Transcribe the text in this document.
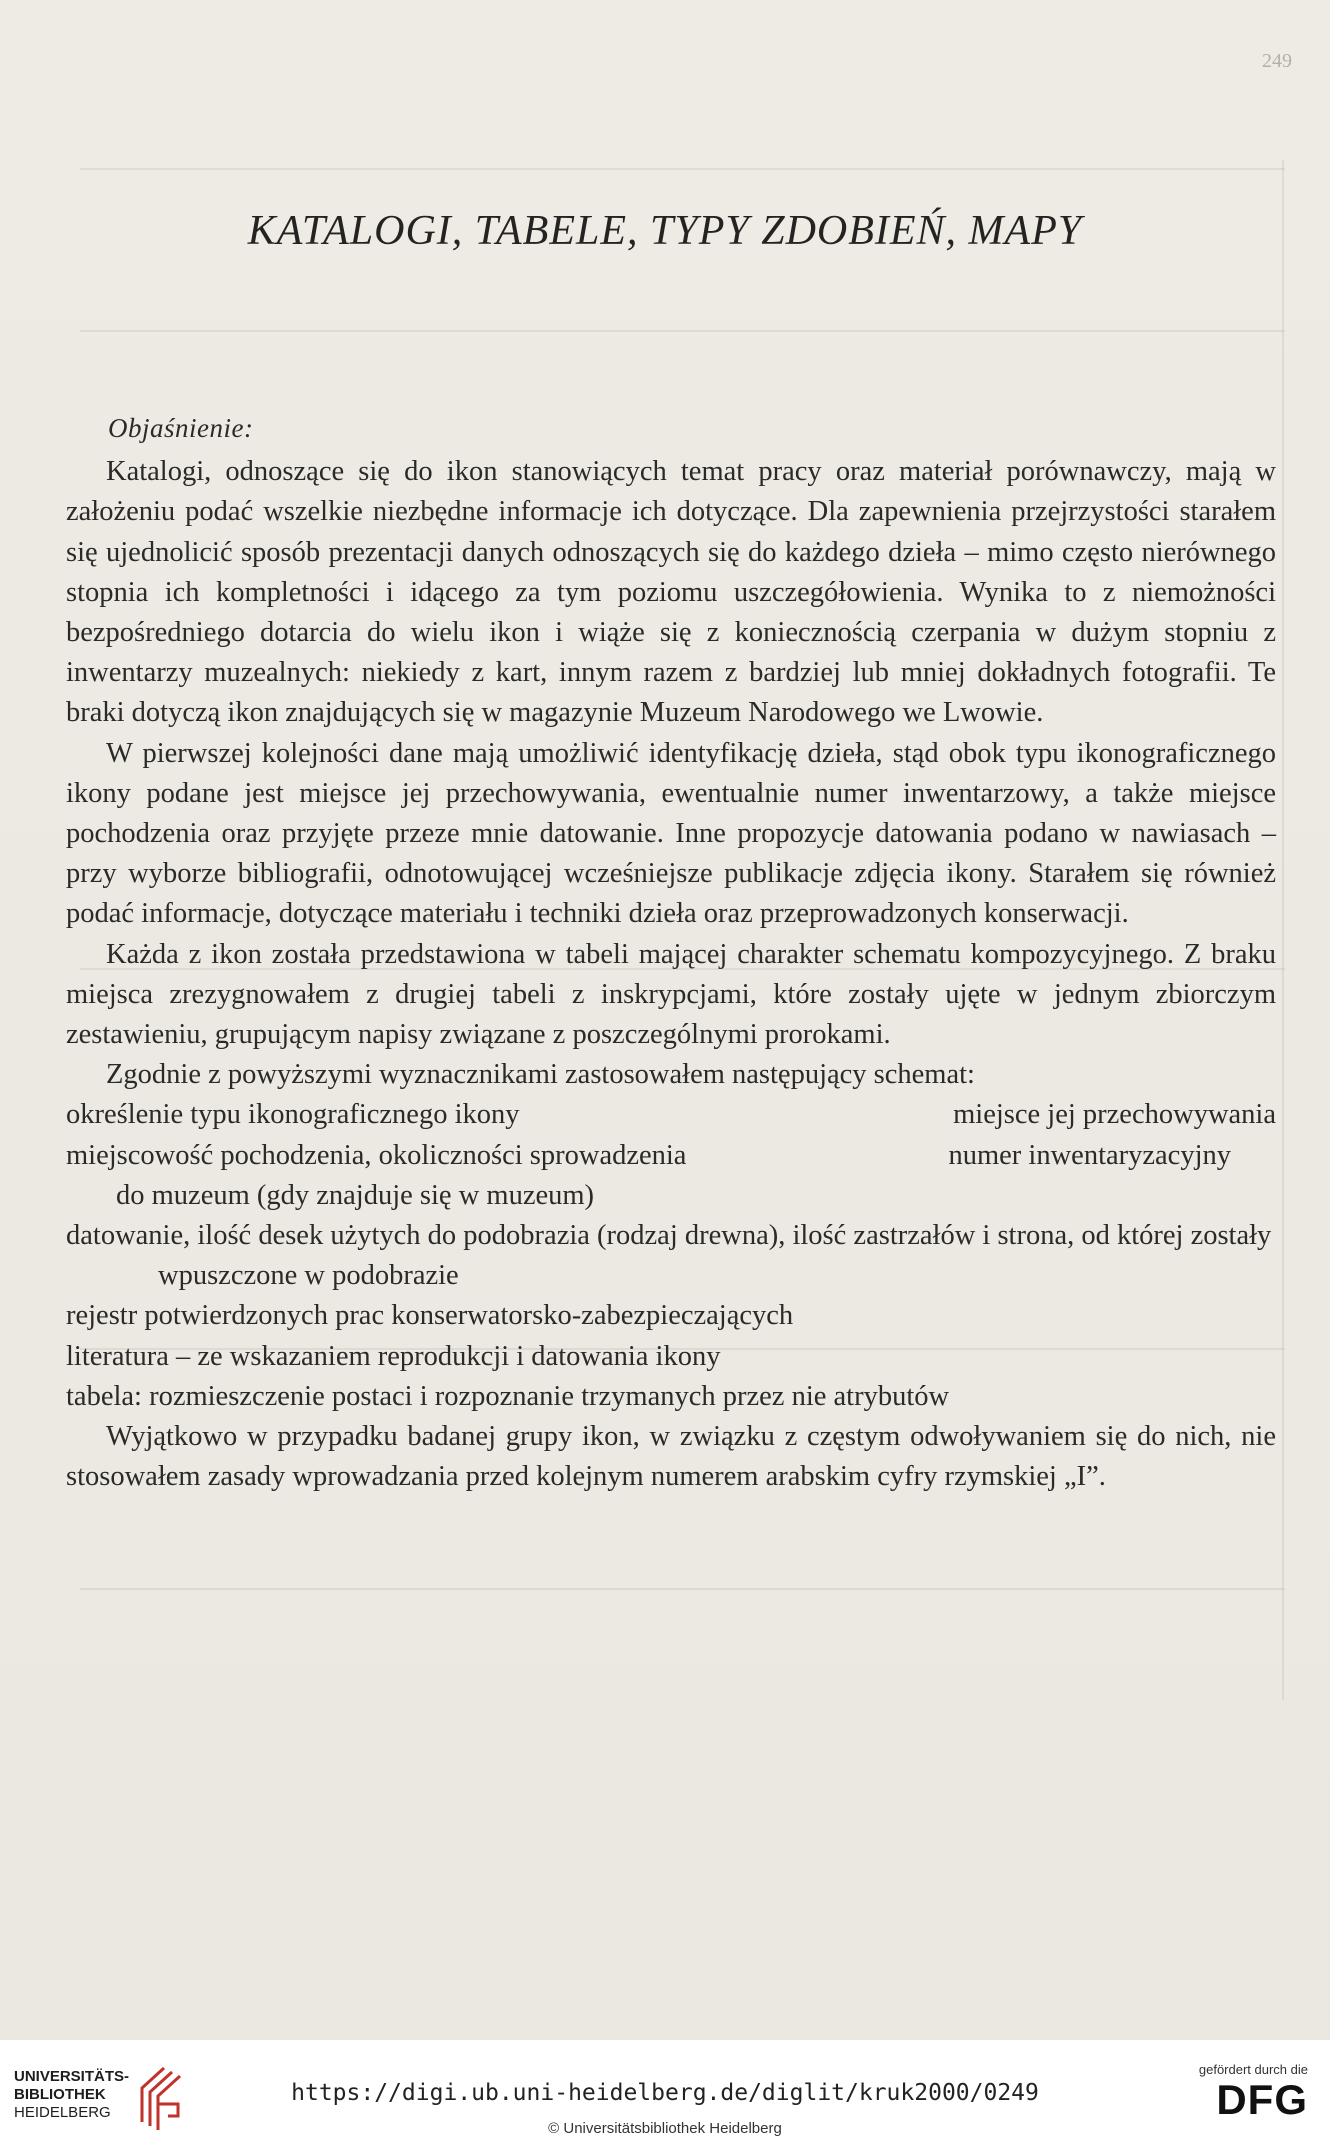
249
KATALOGI, TABELE, TYPY ZDOBIEŃ, MAPY
Objaśnienie:

Katalogi, odnoszące się do ikon stanowiących temat pracy oraz materiał porównawczy, mają w założeniu podać wszelkie niezbędne informacje ich dotyczące. Dla zapewnienia przejrzystości starałem się ujednolicić sposób prezentacji danych odnoszących się do każdego dzieła – mimo często nierównego stopnia ich kompletności i idącego za tym poziomu uszczegółowienia. Wynika to z niemożności bezpośredniego dotarcia do wielu ikon i wiąże się z koniecznością czerpania w dużym stopniu z inwentarzy muzealnych: niekiedy z kart, innym razem z bardziej lub mniej dokładnych fotografii. Te braki dotyczą ikon znajdujących się w magazynie Muzeum Narodowego we Lwowie.

W pierwszej kolejności dane mają umożliwić identyfikację dzieła, stąd obok typu ikonograficznego ikony podane jest miejsce jej przechowywania, ewentualnie numer inwentarzowy, a także miejsce pochodzenia oraz przyjęte przeze mnie datowanie. Inne propozycje datowania podano w nawiasach – przy wyborze bibliografii, odnotowującej wcześniejsze publikacje zdjęcia ikony. Starałem się również podać informacje, dotyczące materiału i techniki dzieła oraz przeprowadzonych konserwacji.

Każda z ikon została przedstawiona w tabeli mającej charakter schematu kompozycyjnego. Z braku miejsca zrezygnowałem z drugiej tabeli z inskrypcjami, które zostały ujęte w jednym zbiorczym zestawieniu, grupującym napisy związane z poszczególnymi prorokami.

Zgodnie z powyższymi wyznacznikami zastosowałem następujący schemat:

określenie typu ikonograficznego ikony	miejsce jej przechowywania
miejscowość pochodzenia, okoliczności sprowadzenia	numer inwentaryzacyjny
do muzeum (gdy znajduje się w muzeum)
datowanie, ilość desek użytych do podobrazia (rodzaj drewna), ilość zastrzałów i strona, od której zostały wpuszczone w podobrazie
rejestr potwierdzonych prac konserwatorsko-zabezpieczających
literatura – ze wskazaniem reprodukcji i datowania ikony
tabela: rozmieszczenie postaci i rozpoznanie trzymanych przez nie atrybutów

Wyjątkowo w przypadku badanej grupy ikon, w związku z częstym odwoływaniem się do nich, nie stosowałem zasady wprowadzania przed kolejnym numerem arabskim cyfry rzymskiej „I”.

UNIVERSITÄTS-
BIBLIOTHEK
HEIDELBERG
https://digi.ub.uni-heidelberg.de/diglit/kruk2000/0249
© Universitätsbibliothek Heidelberg
gefördert durch die
DFG
